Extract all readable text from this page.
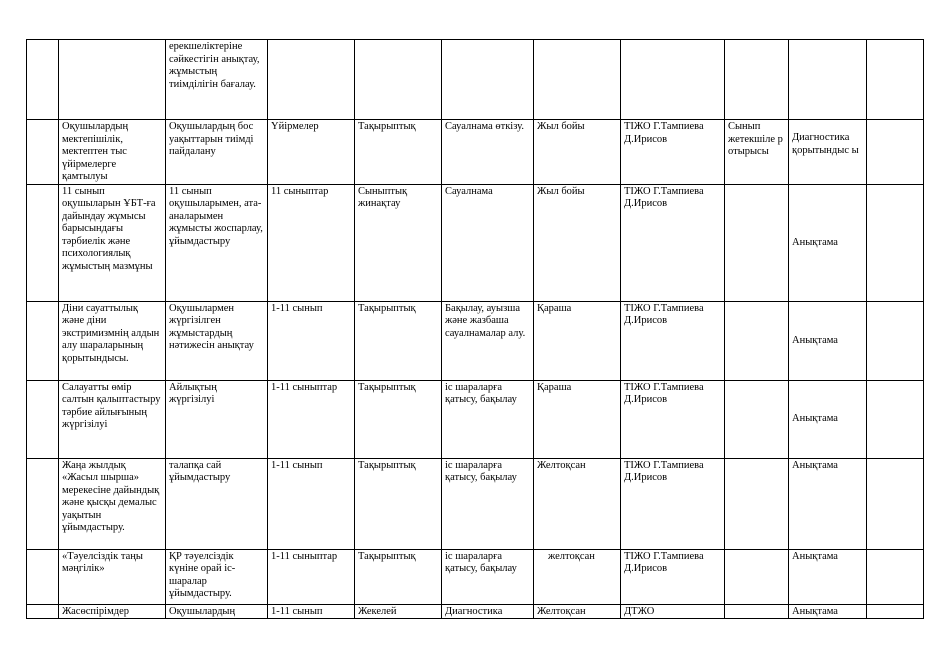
		ерекшеліктеріне сәйкестігін анықтау, жұмыстың тиімділігін бағалау.								
	Оқушылардың мектепішілік, мектептен тыс үйірмелерге қамтылуы	Оқушылардың бос уақыттарын тиімді пайдалану	Үйірмелер	Тақырыптық	Сауалнама өткізу.	Жыл бойы	ТІЖО Г.Тампиева Д.Ирисов	Сынып жетекшіле р отырысы	Диагностика қорытындыс ы	
	11 сынып оқушыларын ҰБТ-ға дайындау жұмысы барысындағы тәрбиелік және психологиялық жұмыстың мазмұны	11 сынып оқушыларымен, ата-аналарымен жұмысты жоспарлау, ұйымдастыру	11 сыныптар	Сыныптық жинақтау	Сауалнама	Жыл бойы	ТІЖО Г.Тампиева Д.Ирисов		Анықтама	
	Діни сауаттылық және діни экстримизмнің алдын алу шараларының қорытындысы.	Оқушылармен жүргізілген жұмыстардың нәтижесін анықтау	1-11 сынып	Тақырыптық	Бақылау, ауызша және жазбаша сауалнамалар алу.	Қараша	ТІЖО Г.Тампиева Д.Ирисов		Анықтама	
	Салауатты өмір салтын қалыптастыру тәрбие айлығының жүргізілуі	Айлықтың жүргізілуі	1-11 сыныптар	Тақырыптық	іс шараларға қатысу, бақылау	Қараша	ТІЖО Г.Тампиева Д.Ирисов		Анықтама	
	Жаңа жылдық «Жасыл шырша» мерекесіне дайындық және қысқы демалыс уақытын ұйымдастыру.	талапқа сай ұйымдастыру	1-11 сынып	Тақырыптық	іс шараларға қатысу, бақылау	Желтоқсан	ТІЖО Г.Тампиева Д.Ирисов		Анықтама	
	«Тәуелсіздік таңы мәңгілік»	ҚР тәуелсіздік күніне орай іс-шаралар ұйымдастыру.	1-11 сыныптар	Тақырыптық	іс шараларға қатысу, бақылау	желтоқсан	ТІЖО Г.Тампиева Д.Ирисов		Анықтама	
	Жасөспірімдер	Оқушылардың	1-11 сынып	Жекелей	Диагностика	Желтоқсан	ДТЖО		Анықтама	
